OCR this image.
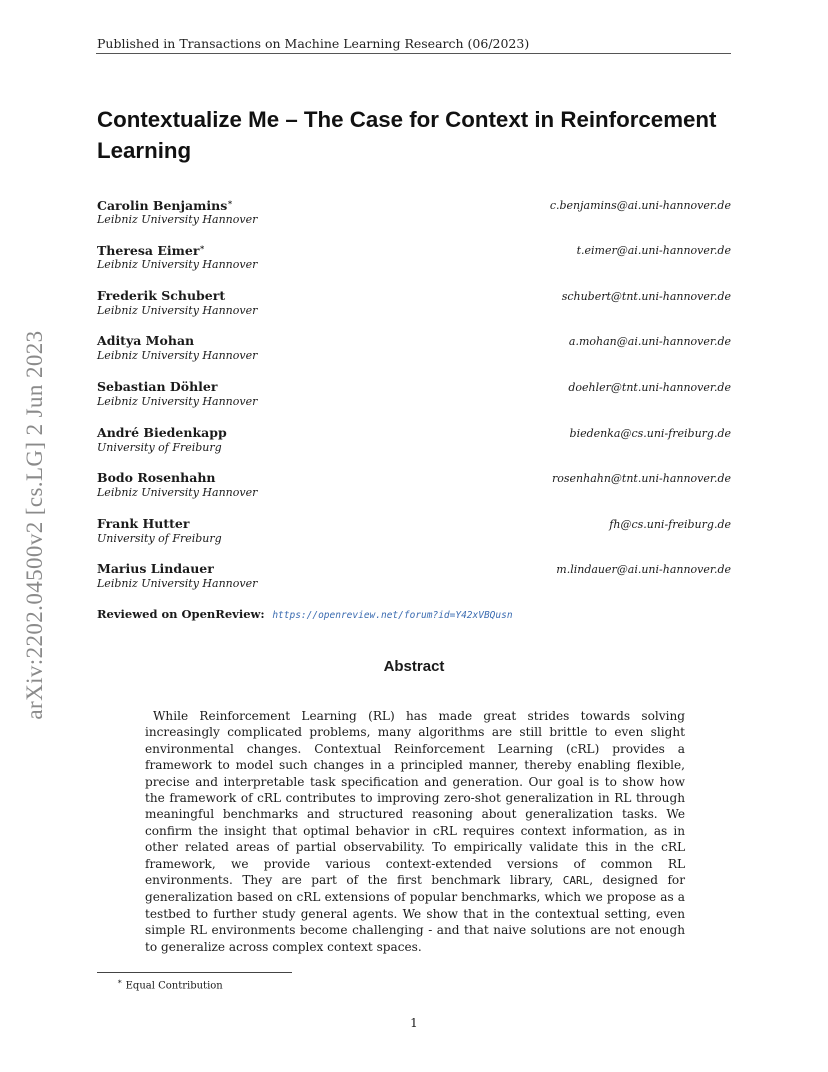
Published in Transactions on Machine Learning Research (06/2023)
arXiv:2202.04500v2 [cs.LG] 2 Jun 2023
Contextualize Me – The Case for Context in Reinforcement Learning
Carolin Benjamins∗
Leibniz University Hannover
c.benjamins@ai.uni-hannover.de
Theresa Eimer∗
Leibniz University Hannover
t.eimer@ai.uni-hannover.de
Frederik Schubert
Leibniz University Hannover
schubert@tnt.uni-hannover.de
Aditya Mohan
Leibniz University Hannover
a.mohan@ai.uni-hannover.de
Sebastian Döhler
Leibniz University Hannover
doehler@tnt.uni-hannover.de
André Biedenkapp
University of Freiburg
biedenka@cs.uni-freiburg.de
Bodo Rosenhahn
Leibniz University Hannover
rosenhahn@tnt.uni-hannover.de
Frank Hutter
University of Freiburg
fh@cs.uni-freiburg.de
Marius Lindauer
Leibniz University Hannover
m.lindauer@ai.uni-hannover.de
Reviewed on OpenReview: https://openreview.net/forum?id=Y42xVBQusn
Abstract
While Reinforcement Learning (RL) has made great strides towards solving increasingly complicated problems, many algorithms are still brittle to even slight environmental changes. Contextual Reinforcement Learning (cRL) provides a framework to model such changes in a principled manner, thereby enabling flexible, precise and interpretable task specification and generation. Our goal is to show how the framework of cRL contributes to improving zero-shot generalization in RL through meaningful benchmarks and structured reasoning about generalization tasks. We confirm the insight that optimal behavior in cRL requires context information, as in other related areas of partial observability. To empirically validate this in the cRL framework, we provide various context-extended versions of common RL environments. They are part of the first benchmark library, CARL, designed for generalization based on cRL extensions of popular benchmarks, which we propose as a testbed to further study general agents. We show that in the contextual setting, even simple RL environments become challenging - and that naive solutions are not enough to generalize across complex context spaces.
∗ Equal Contribution
1
